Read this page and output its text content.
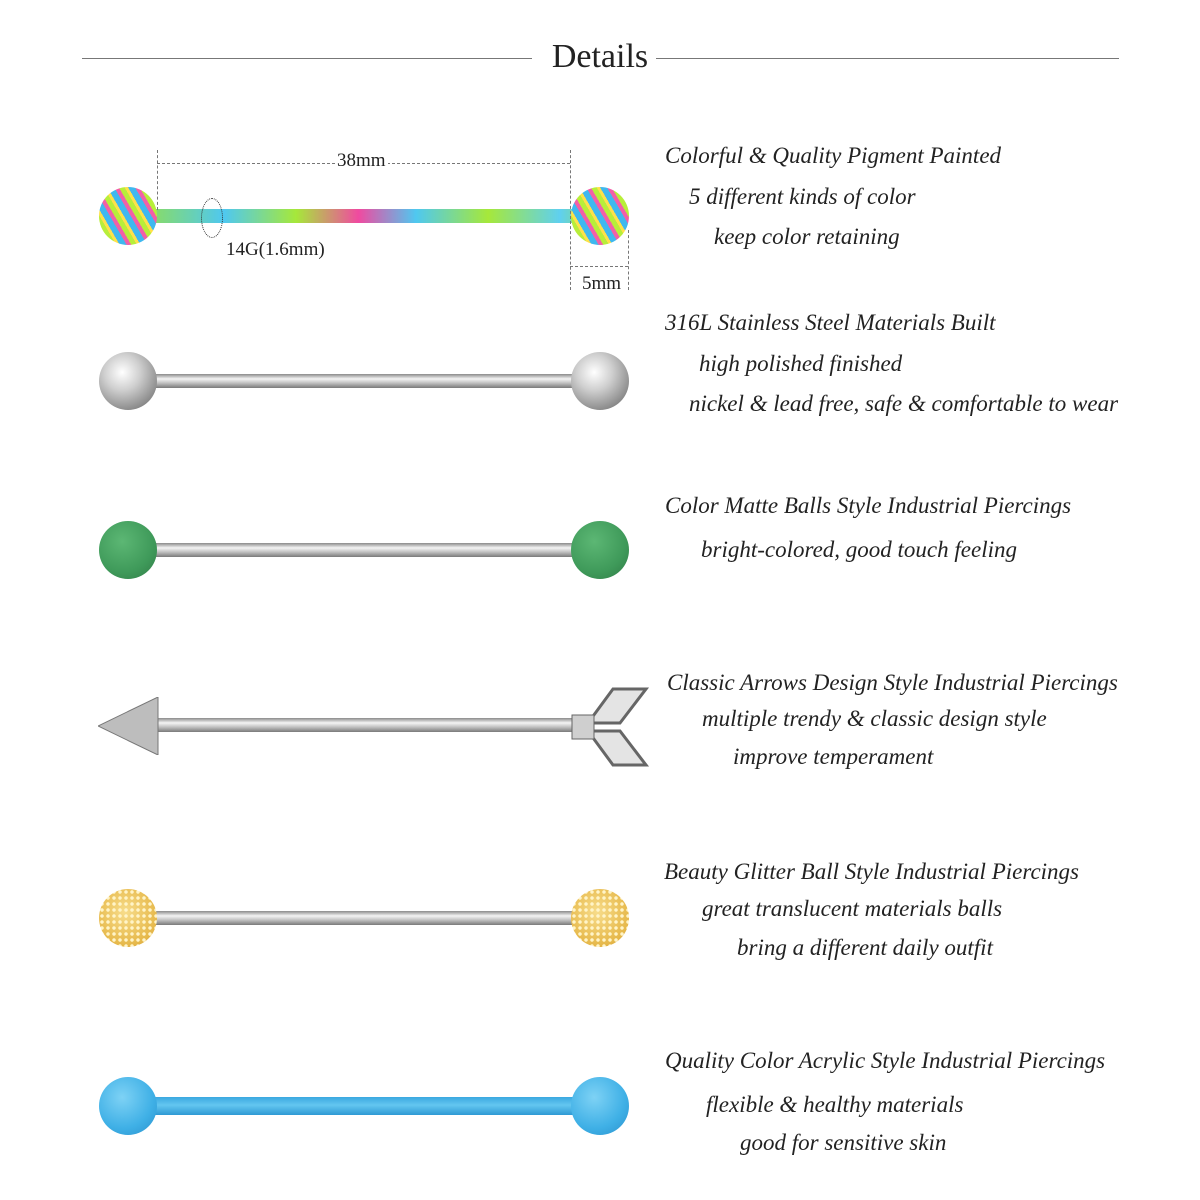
Details
38mm
14G(1.6mm)
5mm
Colorful & Quality Pigment Painted
5 different kinds of color
keep color retaining
316L Stainless Steel Materials Built
high polished finished
nickel & lead free, safe & comfortable to wear
Color Matte Balls Style Industrial Piercings
bright-colored, good touch feeling
Classic Arrows Design Style Industrial Piercings
multiple trendy & classic design style
improve temperament
Beauty Glitter Ball Style Industrial Piercings
great translucent materials balls
bring a different daily outfit
Quality Color Acrylic Style Industrial Piercings
flexible & healthy materials
good for sensitive skin
